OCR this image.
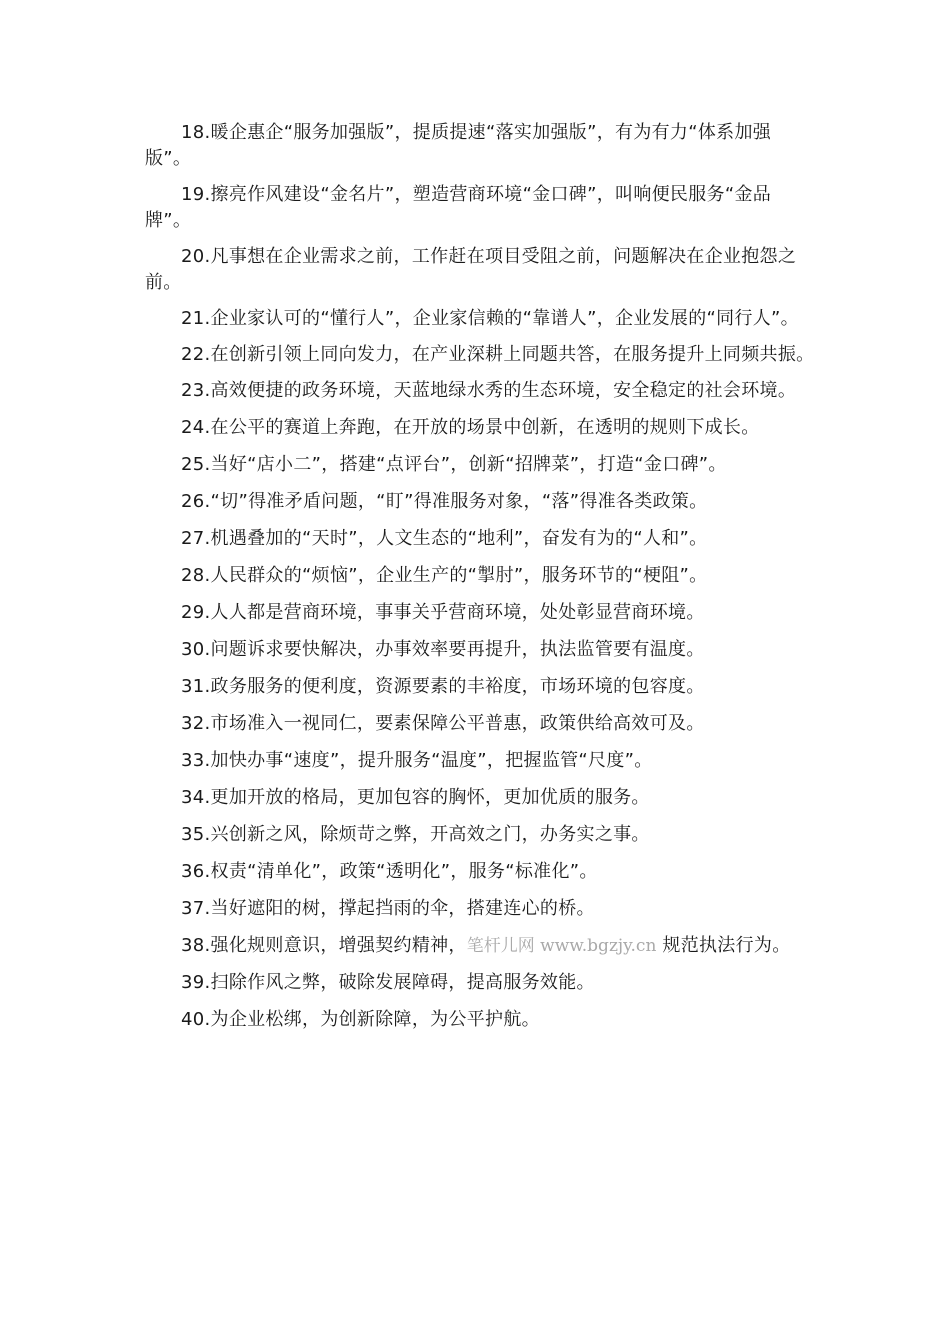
18.暖企惠企“服务加强版”，提质提速“落实加强版”，有为有力“体系加强版”。

19.擦亮作风建设“金名片”，塑造营商环境“金口碑”，叫响便民服务“金品牌”。

20.凡事想在企业需求之前，工作赶在项目受阻之前，问题解决在企业抱怨之前。

21.企业家认可的“懂行人”，企业家信赖的“靠谱人”，企业发展的“同行人”。

22.在创新引领上同向发力，在产业深耕上同题共答，在服务提升上同频共振。

23.高效便捷的政务环境，天蓝地绿水秀的生态环境，安全稳定的社会环境。

24.在公平的赛道上奔跑，在开放的场景中创新，在透明的规则下成长。

25.当好“店小二”，搭建“点评台”，创新“招牌菜”，打造“金口碑”。

26.“切”得准矛盾问题，“盯”得准服务对象，“落”得准各类政策。

27.机遇叠加的“天时”，人文生态的“地利”，奋发有为的“人和”。

28.人民群众的“烦恼”，企业生产的“掣肘”，服务环节的“梗阻”。

29.人人都是营商环境，事事关乎营商环境，处处彰显营商环境。

30.问题诉求要快解决，办事效率要再提升，执法监管要有温度。

31.政务服务的便利度，资源要素的丰裕度，市场环境的包容度。

32.市场准入一视同仁，要素保障公平普惠，政策供给高效可及。

33.加快办事“速度”，提升服务“温度”，把握监管“尺度”。

34.更加开放的格局，更加包容的胸怀，更加优质的服务。

35.兴创新之风，除烦苛之弊，开高效之门，办务实之事。

36.权责“清单化”，政策“透明化”，服务“标准化”。

37.当好遮阳的树，撑起挡雨的伞，搭建连心的桥。

38.强化规则意识，增强契约精神，笔杆儿网 www.bgzjy.cn 规范执法行为。

39.扫除作风之弊，破除发展障碍，提高服务效能。

40.为企业松绑，为创新除障，为公平护航。
